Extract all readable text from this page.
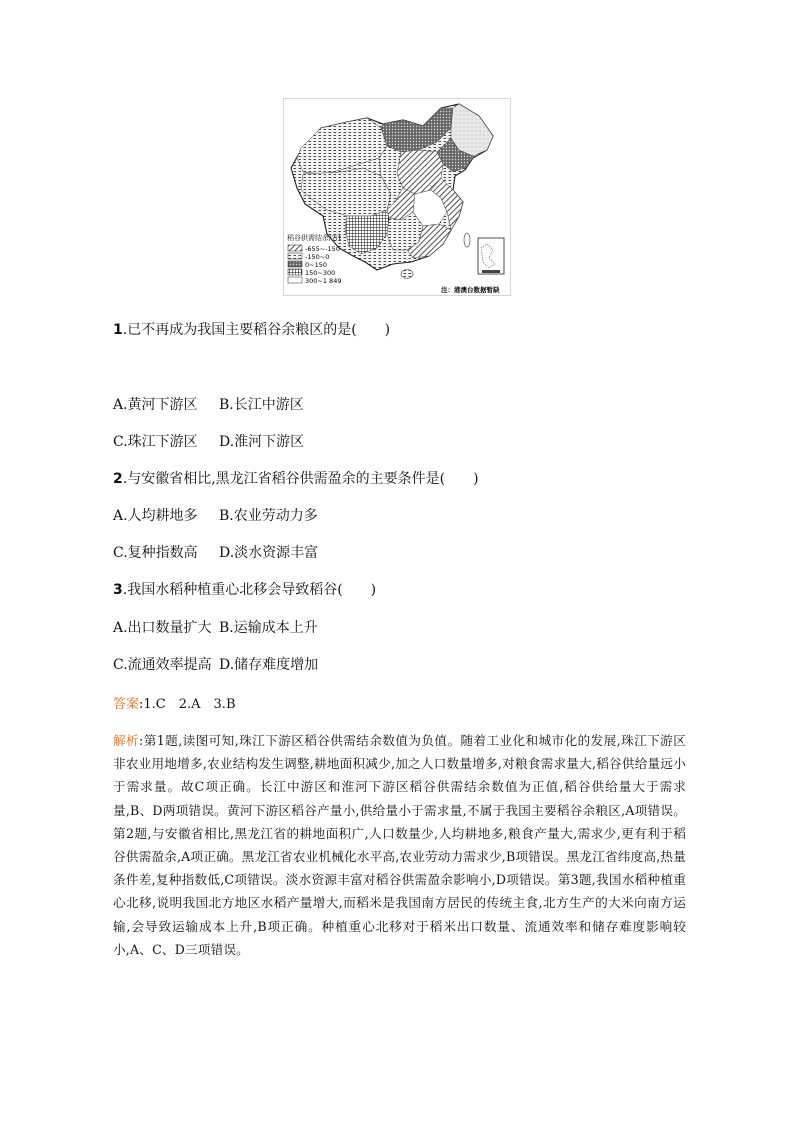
稻谷供需结余/万t
-655~-150
-150~0
0~150
150~300
300~1 849
注：港澳台数据暂缺
1.已不再成为我国主要稻谷余粮区的是(　　)
A.黄河下游区 B.长江中游区
C.珠江下游区 D.淮河下游区
2.与安徽省相比,黑龙江省稻谷供需盈余的主要条件是(　　)
A.人均耕地多 B.农业劳动力多
C.复种指数高 D.淡水资源丰富
3.我国水稻种植重心北移会导致稻谷(　　)
A.出口数量扩大 B.运输成本上升
C.流通效率提高 D.储存难度增加
答案:1.C　2.A　3.B
解析:第1题,读图可知,珠江下游区稻谷供需结余数值为负值。随着工业化和城市化的发展,珠江下游区非农业用地增多,农业结构发生调整,耕地面积减少,加之人口数量增多,对粮食需求量大,稻谷供给量远小于需求量。故C项正确。长江中游区和淮河下游区稻谷供需结余数值为正值,稻谷供给量大于需求量,B、D两项错误。黄河下游区稻谷产量小,供给量小于需求量,不属于我国主要稻谷余粮区,A项错误。第2题,与安徽省相比,黑龙江省的耕地面积广,人口数量少,人均耕地多,粮食产量大,需求少,更有利于稻谷供需盈余,A项正确。黑龙江省农业机械化水平高,农业劳动力需求少,B项错误。黑龙江省纬度高,热量条件差,复种指数低,C项错误。淡水资源丰富对稻谷供需盈余影响小,D项错误。第3题,我国水稻种植重心北移,说明我国北方地区水稻产量增大,而稻米是我国南方居民的传统主食,北方生产的大米向南方运输,会导致运输成本上升,B项正确。种植重心北移对于稻米出口数量、流通效率和储存难度影响较小,A、C、D三项错误。
